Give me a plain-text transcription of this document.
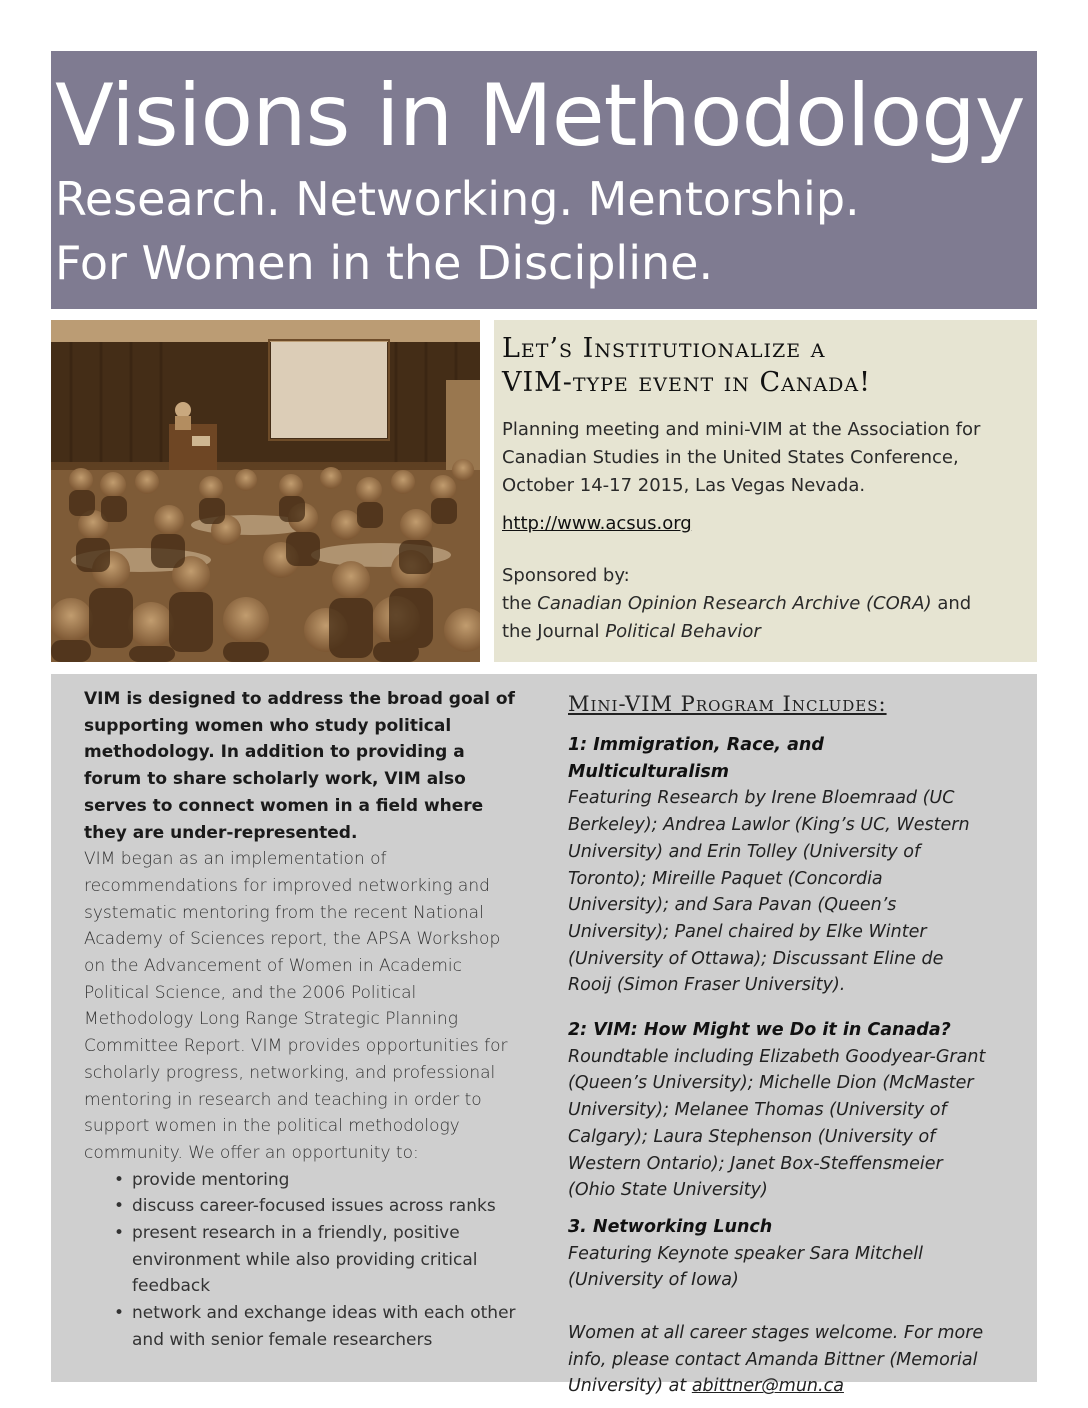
Visions in Methodology
Research. Networking. Mentorship.
For Women in the Discipline.
Let’s Institutionalize a
VIM-type event in Canada!

Planning meeting and mini-VIM at the Association for Canadian Studies in the United States Conference, October 14-17 2015, Las Vegas Nevada.

http://www.acsus.org

Sponsored by:
the Canadian Opinion Research Archive (CORA) and
the Journal Political Behavior

VIM is designed to address the broad goal of supporting women who study political methodology. In addition to providing a forum to share scholarly work, VIM also serves to connect women in a field where they are under-represented.

VIM began as an implementation of recommendations for improved networking and systematic mentoring from the recent National Academy of Sciences report, the APSA Workshop on the Advancement of Women in Academic Political Science, and the 2006 Political Methodology Long Range Strategic Planning Committee Report. VIM provides opportunities for scholarly progress, networking, and professional mentoring in research and teaching in order to support women in the political methodology community. We offer an opportunity to:

• provide mentoring
• discuss career-focused issues across ranks
• present research in a friendly, positive environment while also providing critical feedback
• network and exchange ideas with each other and with senior female researchers
Mini-VIM Program Includes:

1: Immigration, Race, and Multiculturalism

Featuring Research by Irene Bloemraad (UC Berkeley); Andrea Lawlor (King’s UC, Western University) and Erin Tolley (University of Toronto); Mireille Paquet (Concordia University); and Sara Pavan (Queen’s University); Panel chaired by Elke Winter (University of Ottawa); Discussant Eline de Rooij (Simon Fraser University).

2: VIM: How Might we Do it in Canada?

Roundtable including Elizabeth Goodyear-Grant (Queen’s University); Michelle Dion (McMaster University); Melanee Thomas (University of Calgary); Laura Stephenson (University of Western Ontario); Janet Box-Steffensmeier (Ohio State University)

3. Networking Lunch

Featuring Keynote speaker Sara Mitchell (University of Iowa)

Women at all career stages welcome. For more info, please contact Amanda Bittner (Memorial University) at abittner@mun.ca
